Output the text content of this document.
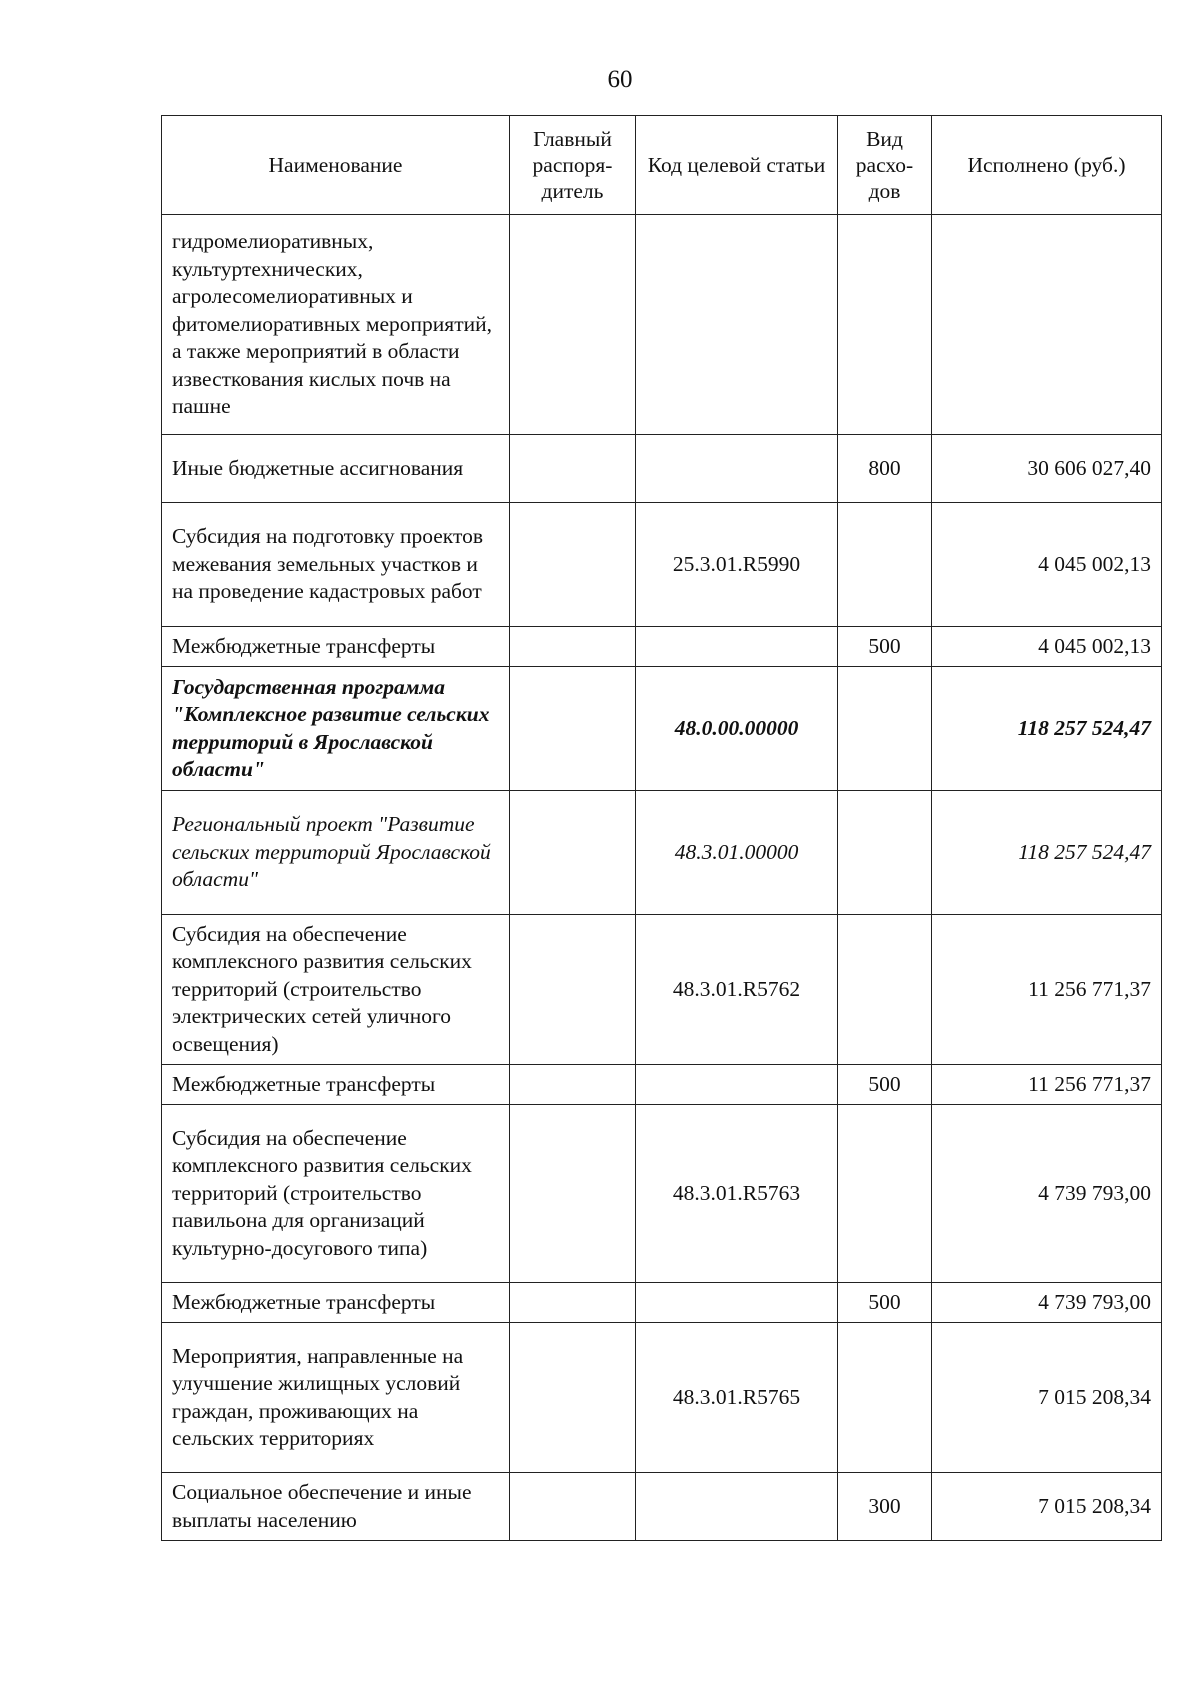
60
Наименование	Главный распоря-дитель	Код целевой статьи	Вид расхо-дов	Исполнено (руб.)
гидромелиоративных, культуртехнических, агролесомелиоративных и фитомелиоративных мероприятий, а также мероприятий в области известкования кислых почв на пашне				
Иные бюджетные ассигнования			800	30 606 027,40
Субсидия на подготовку проектов межевания земельных участков и на проведение кадастровых работ		25.3.01.R5990		4 045 002,13
Межбюджетные трансферты			500	4 045 002,13
Государственная программа "Комплексное развитие сельских территорий в Ярославской области"		48.0.00.00000		118 257 524,47
Региональный проект "Развитие сельских территорий Ярославской области"		48.3.01.00000		118 257 524,47
Субсидия на обеспечение комплексного развития сельских территорий (строительство электрических сетей уличного освещения)		48.3.01.R5762		11 256 771,37
Межбюджетные трансферты			500	11 256 771,37
Субсидия на обеспечение комплексного развития сельских территорий (строительство павильона для организаций культурно-досугового типа)		48.3.01.R5763		4 739 793,00
Межбюджетные трансферты			500	4 739 793,00
Мероприятия, направленные на улучшение жилищных условий граждан, проживающих на сельских территориях		48.3.01.R5765		7 015 208,34
Социальное обеспечение и иные выплаты населению			300	7 015 208,34
